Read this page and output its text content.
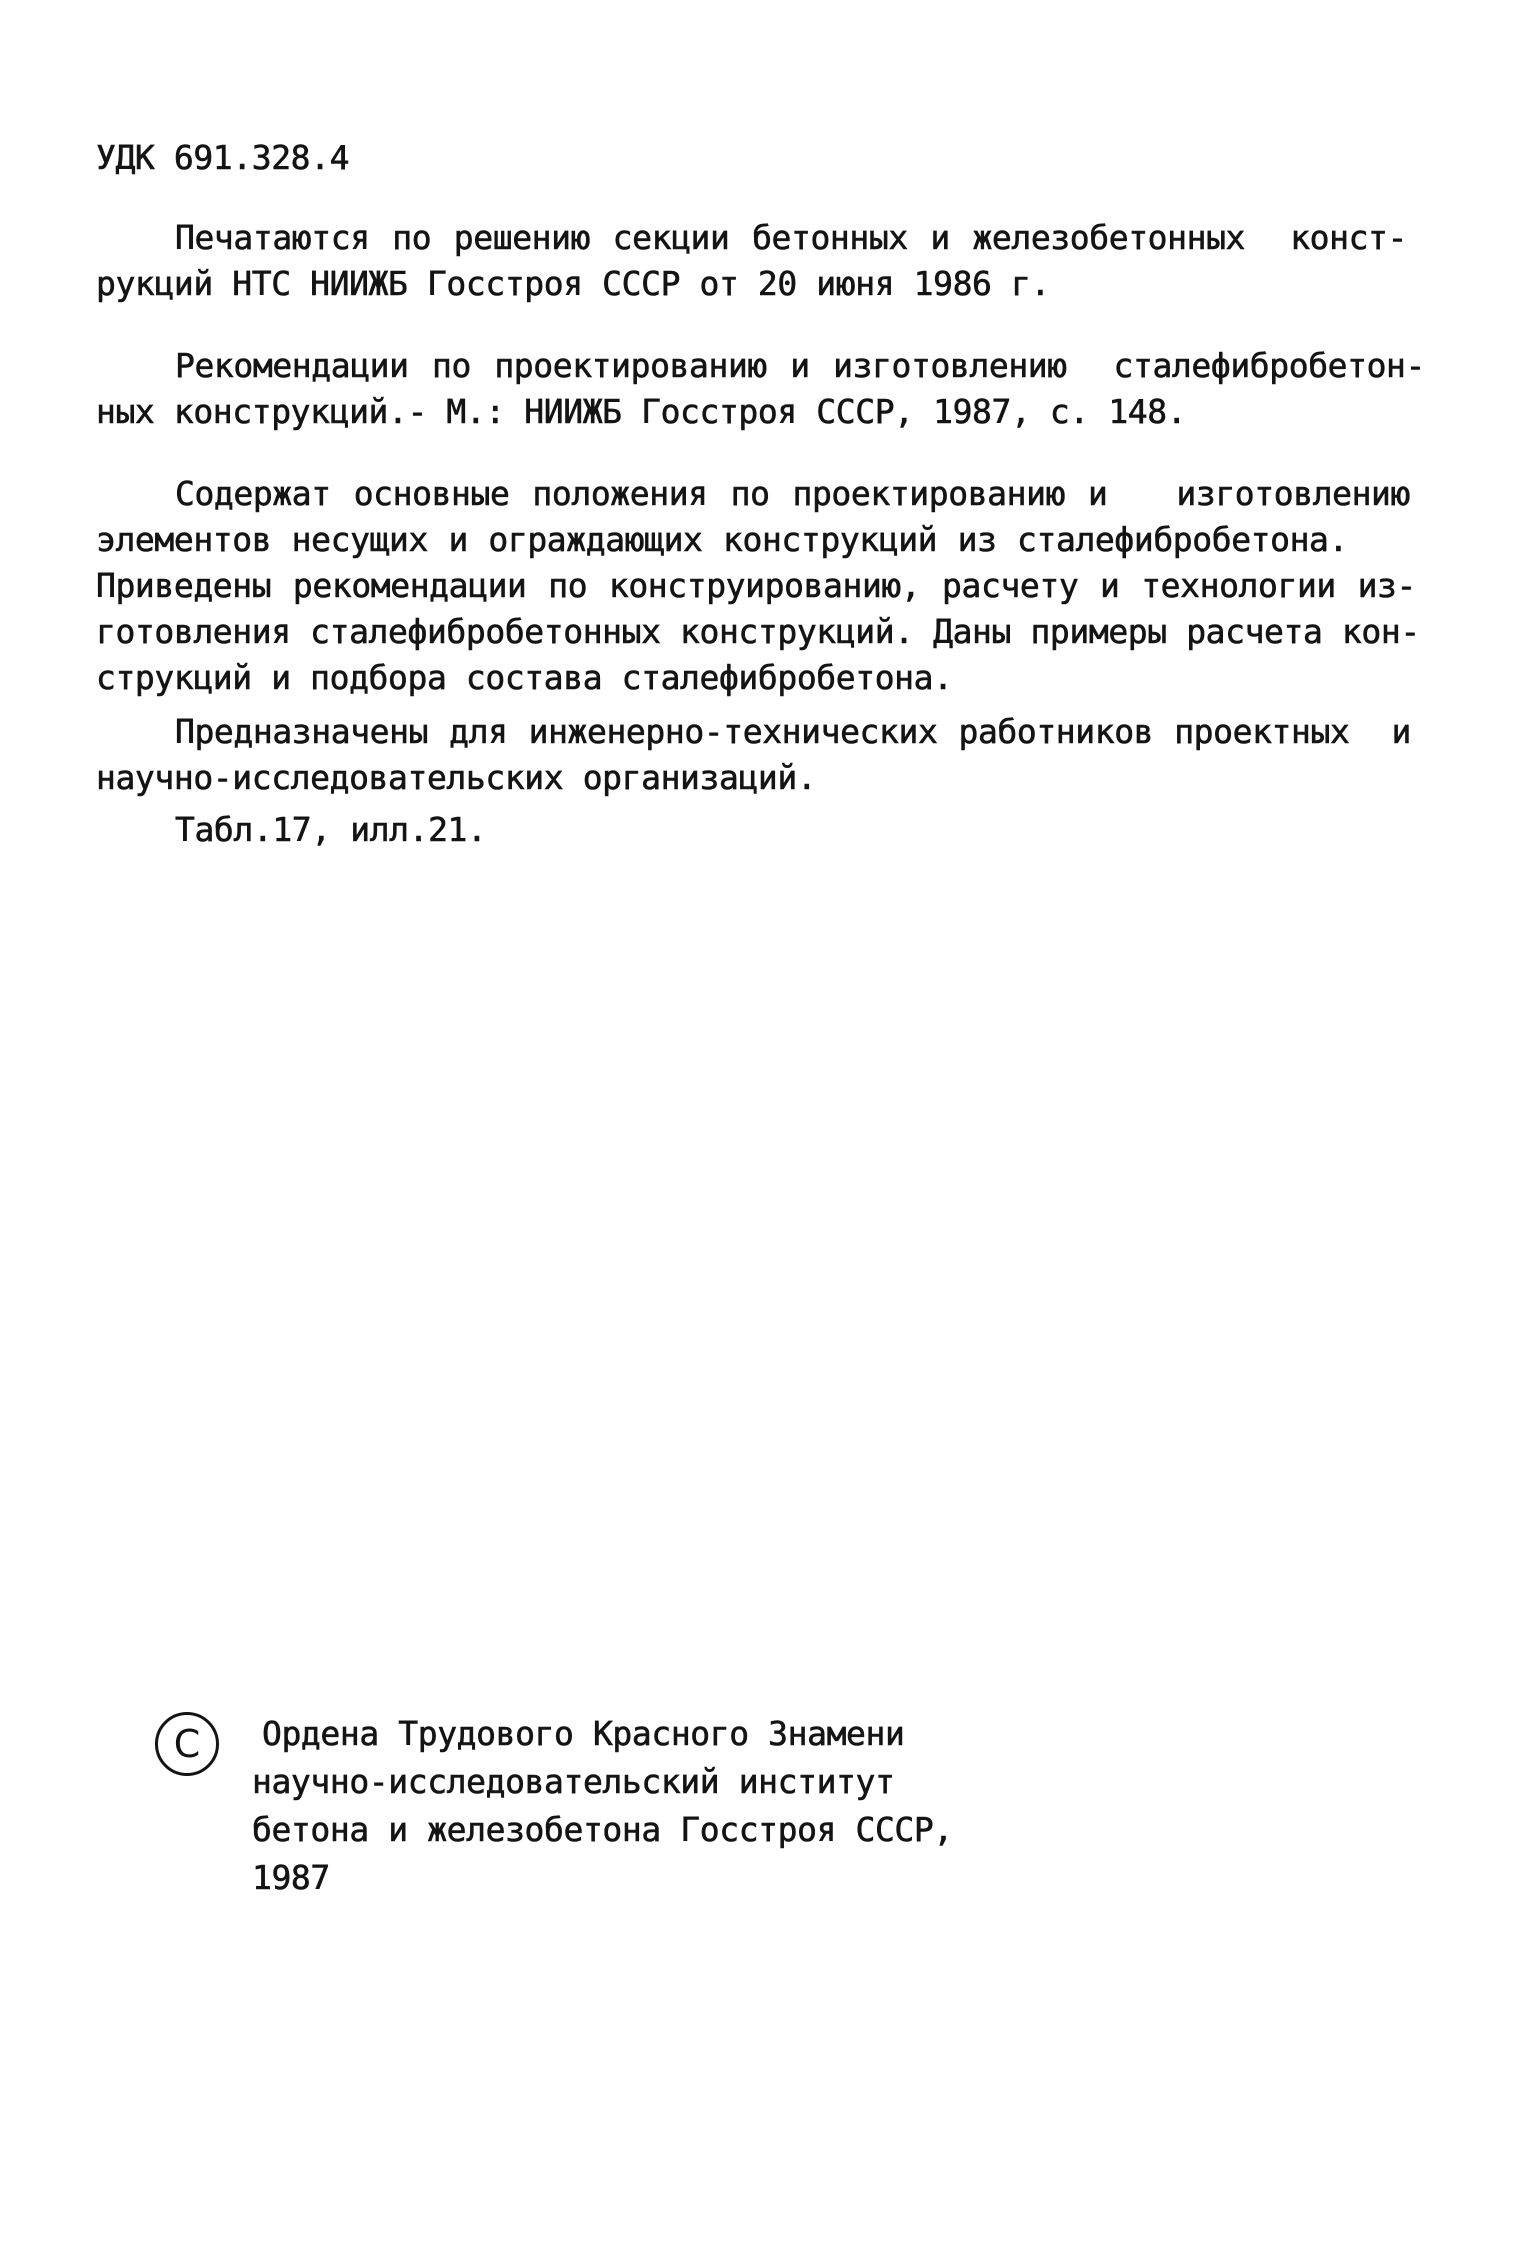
УДК 691.328.4
Печатаются по решению секции бетонных и железобетонных  конст-
рукций НТС НИИЖБ Госстроя СССР от 20 июня 1986 г.
Рекомендации по проектированию и изготовлению  сталефибробетон-
ных конструкций.- М.: НИИЖБ Госстроя СССР, 1987, с. 148.
Содержат основные положения по проектированию и   изготовлению
элементов несущих и ограждающих конструкций из сталефибробетона.
Приведены рекомендации по конструированию, расчету и технологии из-
готовления сталефибробетонных конструкций. Даны примеры расчета кон-
струкций и подбора состава сталефибробетона.
Предназначены для инженерно-технических работников проектных  и
научно-исследовательских организаций.
Табл.17, илл.21.
С Ордена Трудового Красного Знамени
научно-исследовательский институт
бетона и железобетона Госстроя СССР,
1987
